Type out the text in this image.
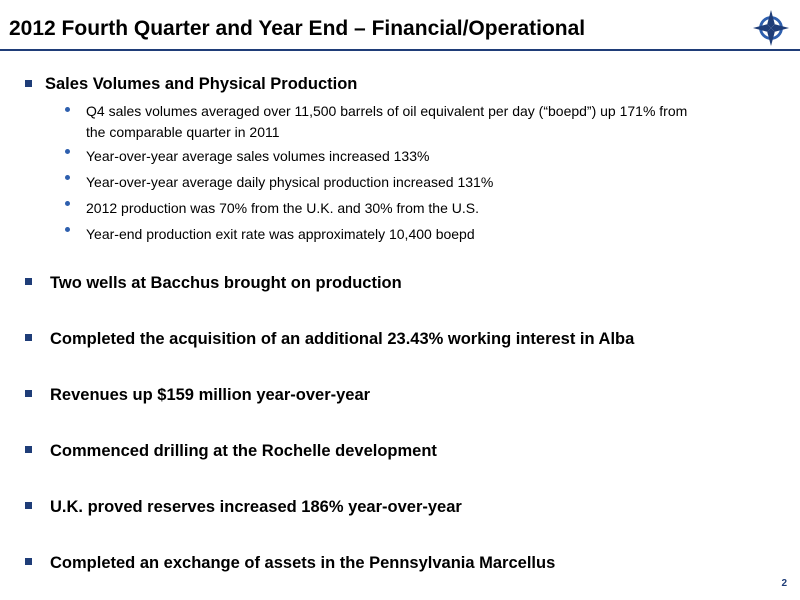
2012 Fourth Quarter and Year End – Financial/Operational
Sales Volumes and Physical Production
Q4 sales volumes averaged over 11,500 barrels of oil equivalent per day (“boepd”) up 171% from
the comparable quarter in 2011
Year-over-year average sales volumes increased 133%
Year-over-year average daily physical production increased 131%
2012 production was 70% from the U.K. and 30% from the U.S.
Year-end production exit rate was approximately 10,400 boepd
Two wells at Bacchus brought on production
Completed the acquisition of an additional 23.43% working interest in Alba
Revenues up $159 million year-over-year
Commenced drilling at the Rochelle development
U.K. proved reserves increased 186% year-over-year
Completed an exchange of assets in the Pennsylvania Marcellus
2
